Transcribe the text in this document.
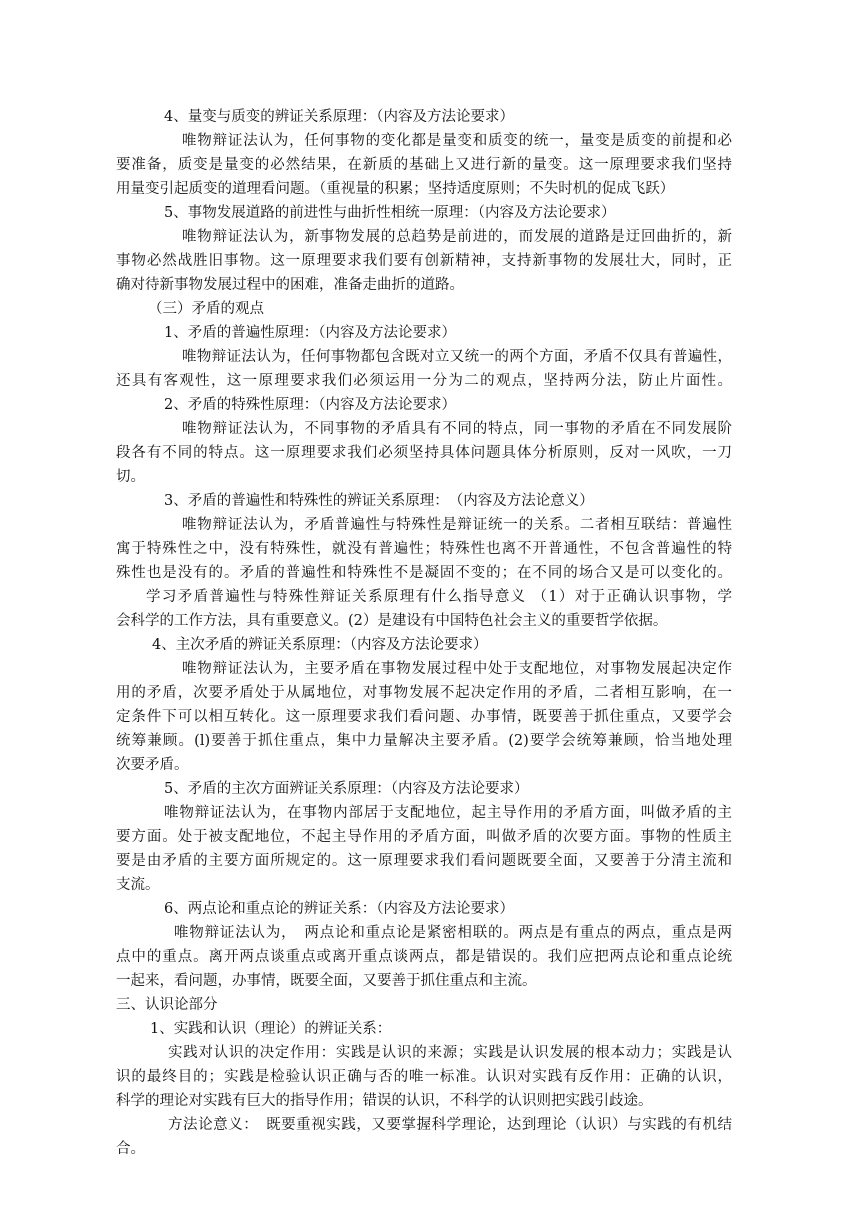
4、量变与质变的辨证关系原理：（内容及方法论要求）
唯物辩证法认为，任何事物的变化都是量变和质变的统一，量变是质变的前提和必
要准备，质变是量变的必然结果，在新质的基础上又进行新的量变。这一原理要求我们坚持
用量变引起质变的道理看问题。（重视量的积累；坚持适度原则；不失时机的促成飞跃）
5、事物发展道路的前进性与曲折性相统一原理：（内容及方法论要求）
唯物辩证法认为，新事物发展的总趋势是前进的，而发展的道路是迂回曲折的，新
事物必然战胜旧事物。这一原理要求我们要有创新精神，支持新事物的发展壮大，同时，正
确对待新事物发展过程中的困难，准备走曲折的道路。
（三）矛盾的观点
1、矛盾的普遍性原理：（内容及方法论要求）
唯物辩证法认为，任何事物都包含既对立又统一的两个方面，矛盾不仅具有普遍性，
还具有客观性，这一原理要求我们必须运用一分为二的观点，坚持两分法，防止片面性。
2、矛盾的特殊性原理：（内容及方法论要求）
唯物辩证法认为，不同事物的矛盾具有不同的特点，同一事物的矛盾在不同发展阶
段各有不同的特点。这一原理要求我们必须坚持具体问题具体分析原则，反对一风吹，一刀
切。
3、矛盾的普遍性和特殊性的辨证关系原理：　（内容及方法论意义）
唯物辩证法认为，矛盾普遍性与特殊性是辩证统一的关系。二者相互联结：普遍性
寓于特殊性之中，没有特殊性，就没有普遍性；特殊性也离不开普通性，不包含普遍性的特
殊性也是没有的。矛盾的普遍性和特殊性不是凝固不变的；在不同的场合又是可以变化的。
学习矛盾普遍性与特殊性辩证关系原理有什么指导意义 （1）对于正确认识事物，学
会科学的工作方法，具有重要意义。(2）是建设有中国特色社会主义的重要哲学依据。
4、主次矛盾的辨证关系原理：（内容及方法论要求）
唯物辩证法认为，主要矛盾在事物发展过程中处于支配地位，对事物发展起决定作
用的矛盾，次要矛盾处于从属地位，对事物发展不起决定作用的矛盾，二者相互影响，在一
定条件下可以相互转化。这一原理要求我们看问题、办事情，既要善于抓住重点，又要学会
统筹兼顾。(l)要善于抓住重点，集中力量解决主要矛盾。(2)要学会统筹兼顾，恰当地处理
次要矛盾。
5、矛盾的主次方面辨证关系原理：（内容及方法论要求）
唯物辩证法认为，在事物内部居于支配地位，起主导作用的矛盾方面，叫做矛盾的主
要方面。处于被支配地位，不起主导作用的矛盾方面，叫做矛盾的次要方面。事物的性质主
要是由矛盾的主要方面所规定的。这一原理要求我们看问题既要全面，又要善于分清主流和
支流。
6、两点论和重点论的辨证关系：（内容及方法论要求）
唯物辩证法认为，　两点论和重点论是紧密相联的。两点是有重点的两点，重点是两
点中的重点。离开两点谈重点或离开重点谈两点，都是错误的。我们应把两点论和重点论统
一起来，看问题，办事情，既要全面，又要善于抓住重点和主流。
三、认识论部分
1、实践和认识（理论）的辨证关系：
实践对认识的决定作用：实践是认识的来源；实践是认识发展的根本动力；实践是认
识的最终目的；实践是检验认识正确与否的唯一标准。认识对实践有反作用：正确的认识，
科学的理论对实践有巨大的指导作用；错误的认识，不科学的认识则把实践引歧途。
方法论意义：　既要重视实践，又要掌握科学理论，达到理论（认识）与实践的有机结
合。
